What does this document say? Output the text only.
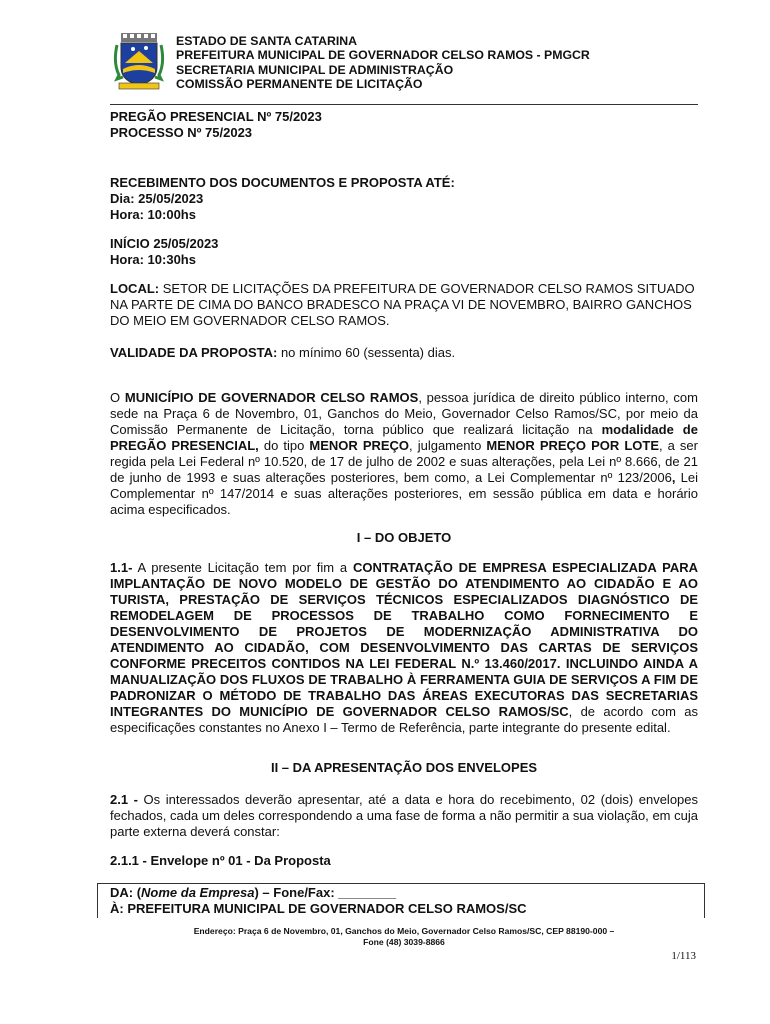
ESTADO DE SANTA CATARINA
PREFEITURA MUNICIPAL DE GOVERNADOR CELSO RAMOS - PMGCR
SECRETARIA MUNICIPAL DE ADMINISTRAÇÃO
COMISSÃO PERMANENTE DE LICITAÇÃO
PREGÃO PRESENCIAL Nº 75/2023
PROCESSO Nº 75/2023
RECEBIMENTO DOS DOCUMENTOS E PROPOSTA ATÉ:
Dia: 25/05/2023
Hora: 10:00hs
INÍCIO 25/05/2023
Hora: 10:30hs
LOCAL: SETOR DE LICITAÇÕES DA PREFEITURA DE GOVERNADOR CELSO RAMOS SITUADO NA PARTE DE CIMA DO BANCO BRADESCO NA PRAÇA VI DE NOVEMBRO, BAIRRO GANCHOS DO MEIO EM GOVERNADOR CELSO RAMOS.
VALIDADE DA PROPOSTA: no mínimo 60 (sessenta) dias.
O MUNICÍPIO DE GOVERNADOR CELSO RAMOS, pessoa jurídica de direito público interno, com sede na Praça 6 de Novembro, 01, Ganchos do Meio, Governador Celso Ramos/SC, por meio da Comissão Permanente de Licitação, torna público que realizará licitação na modalidade de PREGÃO PRESENCIAL, do tipo MENOR PREÇO, julgamento MENOR PREÇO POR LOTE, a ser regida pela Lei Federal nº 10.520, de 17 de julho de 2002 e suas alterações, pela Lei nº 8.666, de 21 de junho de 1993 e suas alterações posteriores, bem como, a Lei Complementar nº 123/2006, Lei Complementar nº 147/2014 e suas alterações posteriores, em sessão pública em data e horário acima especificados.
I – DO OBJETO
1.1- A presente Licitação tem por fim a CONTRATAÇÃO DE EMPRESA ESPECIALIZADA PARA IMPLANTAÇÃO DE NOVO MODELO DE GESTÃO DO ATENDIMENTO AO CIDADÃO E AO TURISTA, PRESTAÇÃO DE SERVIÇOS TÉCNICOS ESPECIALIZADOS DIAGNÓSTICO DE REMODELAGEM DE PROCESSOS DE TRABALHO COMO FORNECIMENTO E DESENVOLVIMENTO DE PROJETOS DE MODERNIZAÇÃO ADMINISTRATIVA DO ATENDIMENTO AO CIDADÃO, COM DESENVOLVIMENTO DAS CARTAS DE SERVIÇOS CONFORME PRECEITOS CONTIDOS NA LEI FEDERAL N.º 13.460/2017. INCLUINDO AINDA A MANUALIZAÇÃO DOS FLUXOS DE TRABALHO À FERRAMENTA GUIA DE SERVIÇOS A FIM DE PADRONIZAR O MÉTODO DE TRABALHO DAS ÁREAS EXECUTORAS DAS SECRETARIAS INTEGRANTES DO MUNICÍPIO DE GOVERNADOR CELSO RAMOS/SC, de acordo com as especificações constantes no Anexo I – Termo de Referência, parte integrante do presente edital.
II – DA APRESENTAÇÃO DOS ENVELOPES
2.1 - Os interessados deverão apresentar, até a data e hora do recebimento, 02 (dois) envelopes fechados, cada um deles correspondendo a uma fase de forma a não permitir a sua violação, em cuja parte externa deverá constar:
2.1.1 - Envelope nº 01 - Da Proposta
DA: (Nome da Empresa) – Fone/Fax: ________
À: PREFEITURA MUNICIPAL DE GOVERNADOR CELSO RAMOS/SC
Endereço: Praça 6 de Novembro, 01, Ganchos do Meio, Governador Celso Ramos/SC, CEP 88190-000 –
Fone (48) 3039-8866
1/113
